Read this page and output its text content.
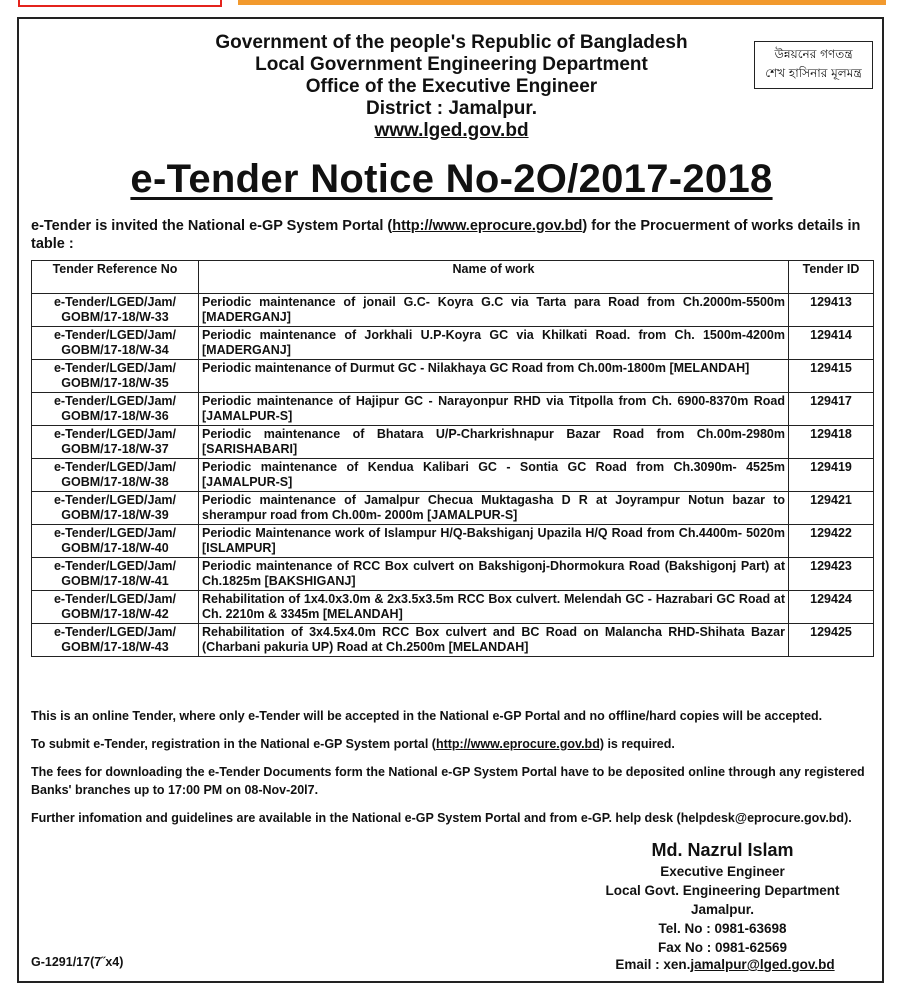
Government of the people's Republic of Bangladesh
Local Government Engineering Department
Office of the Executive Engineer
District : Jamalpur.
www.lged.gov.bd
উন্নয়নের গণতন্ত্র
শেখ হাসিনার মূলমন্ত্র
e-Tender Notice No-2O/2017-2018
e-Tender is invited the National e-GP System Portal (http://www.eprocure.gov.bd) for the Procuerment of works details in table :
Tender Reference No	Name of work	Tender ID
e-Tender/LGED/Jam/ GOBM/17-18/W-33	Periodic maintenance of jonail G.C- Koyra G.C via Tarta para Road from Ch.2000m-5500m [MADERGANJ]	129413
e-Tender/LGED/Jam/ GOBM/17-18/W-34	Periodic maintenance of Jorkhali U.P-Koyra GC via Khilkati Road. from Ch. 1500m-4200m [MADERGANJ]	129414
e-Tender/LGED/Jam/ GOBM/17-18/W-35	Periodic maintenance of Durmut GC - Nilakhaya GC Road from Ch.00m-1800m [MELANDAH]	129415
e-Tender/LGED/Jam/ GOBM/17-18/W-36	Periodic maintenance of Hajipur GC - Narayonpur RHD via Titpolla from Ch. 6900-8370m Road [JAMALPUR-S]	129417
e-Tender/LGED/Jam/ GOBM/17-18/W-37	Periodic maintenance of Bhatara U/P-Charkrishnapur Bazar Road from Ch.00m-2980m [SARISHABARI]	129418
e-Tender/LGED/Jam/ GOBM/17-18/W-38	Periodic maintenance of Kendua Kalibari GC - Sontia GC Road from Ch.3090m- 4525m [JAMALPUR-S]	129419
e-Tender/LGED/Jam/ GOBM/17-18/W-39	Periodic maintenance of Jamalpur Checua Muktagasha D R at Joyrampur Notun bazar to sherampur road from Ch.00m- 2000m [JAMALPUR-S]	129421
e-Tender/LGED/Jam/ GOBM/17-18/W-40	Periodic Maintenance work of Islampur H/Q-Bakshiganj Upazila H/Q Road from Ch.4400m- 5020m [ISLAMPUR]	129422
e-Tender/LGED/Jam/ GOBM/17-18/W-41	Periodic maintenance of RCC Box culvert on Bakshigonj-Dhormokura Road (Bakshigonj Part) at Ch.1825m [BAKSHIGANJ]	129423
e-Tender/LGED/Jam/ GOBM/17-18/W-42	Rehabilitation of 1x4.0x3.0m & 2x3.5x3.5m RCC Box culvert. Melendah GC - Hazrabari GC Road at Ch. 2210m & 3345m [MELANDAH]	129424
e-Tender/LGED/Jam/ GOBM/17-18/W-43	Rehabilitation of 3x4.5x4.0m RCC Box culvert and BC Road on Malancha RHD-Shihata Bazar (Charbani pakuria UP) Road at Ch.2500m [MELANDAH]	129425

This is an online Tender, where only e-Tender will be accepted in the National e-GP Portal and no offline/hard copies will be accepted.

To submit e-Tender, registration in the National e-GP System portal (http://www.eprocure.gov.bd) is required.

The fees for downloading the e-Tender Documents form the National e-GP System Portal have to be deposited online through any registered Banks' branches up to 17:00 PM on 08-Nov-20l7.

Further infomation and guidelines are available in the National e-GP System Portal and from e-GP. help desk (helpdesk@eprocure.gov.bd).

Md. Nazrul Islam
Executive Engineer
Local Govt. Engineering Department
Jamalpur.
Tel. No : 0981-63698
Fax No : 0981-62569
G-1291/17(7˝x4)	Email : xen.jamalpur@lged.gov.bd
